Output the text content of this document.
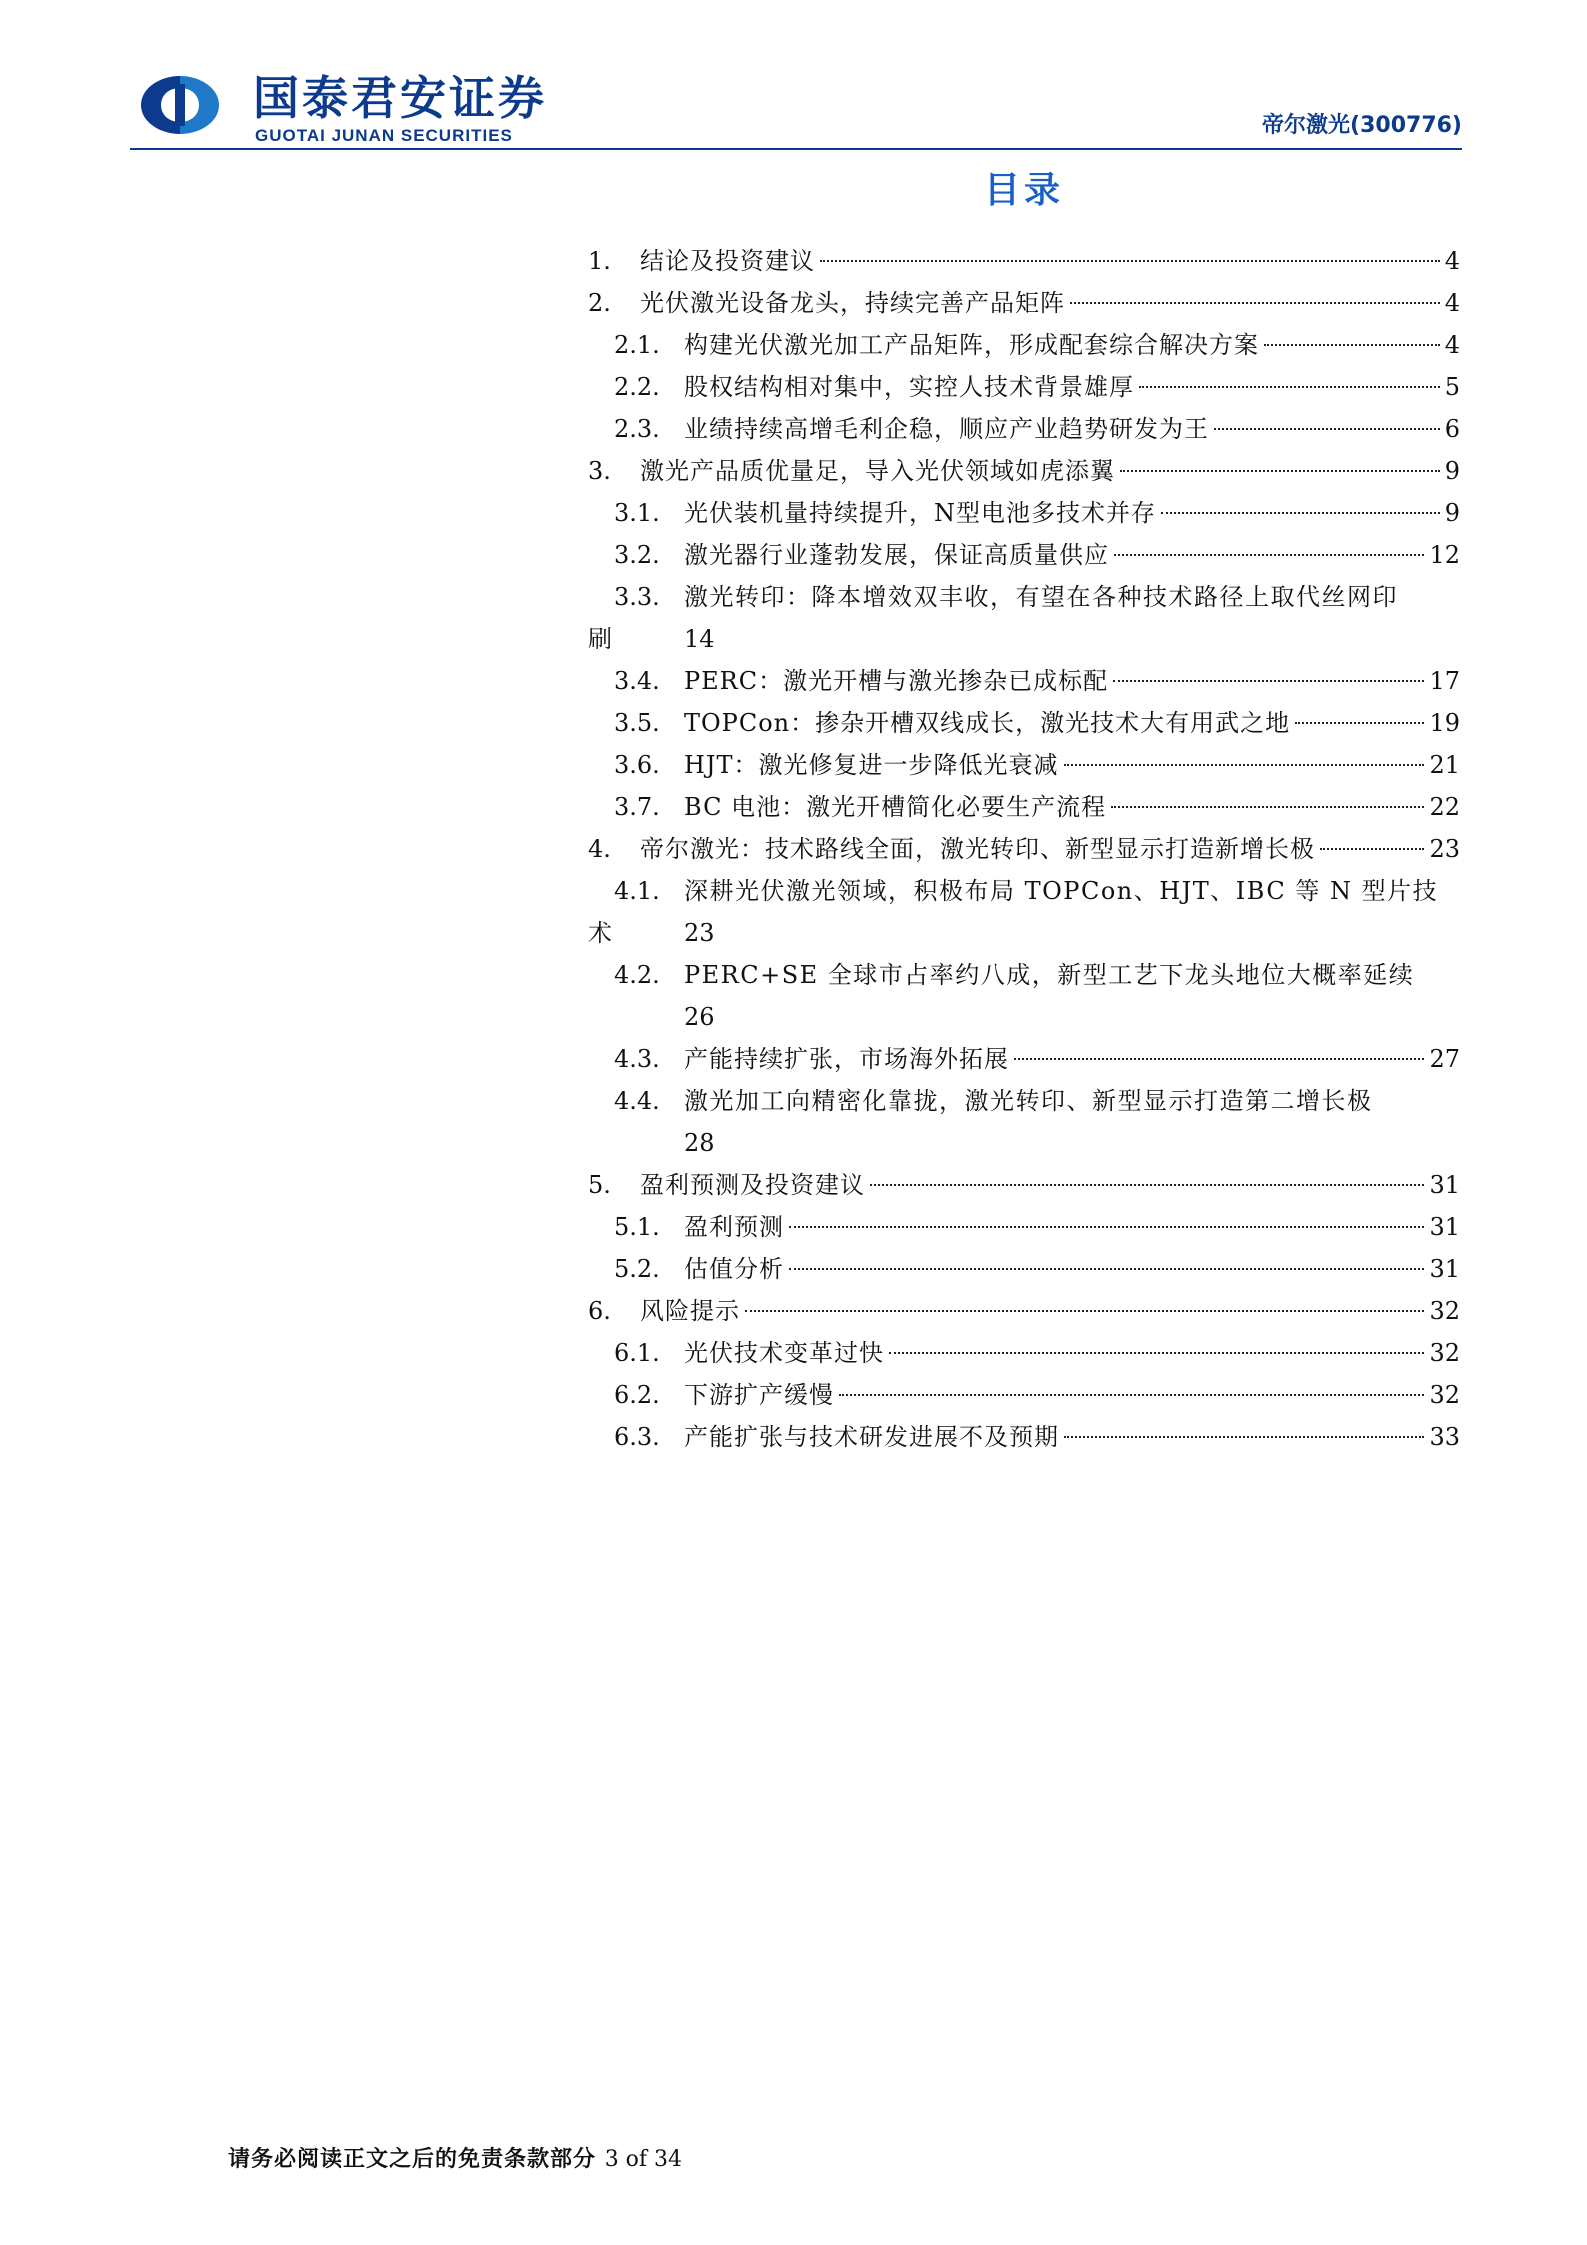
国泰君安证券
GUOTAI JUNAN SECURITIES	帝尔激光(300776)
目录
1.	结论及投资建议	4
2.	光伏激光设备龙头，持续完善产品矩阵	4
2.1.	构建光伏激光加工产品矩阵，形成配套综合解决方案	4
2.2.	股权结构相对集中，实控人技术背景雄厚	5
2.3.	业绩持续高增毛利企稳，顺应产业趋势研发为王	6
3.	激光产品质优量足，导入光伏领域如虎添翼	9
3.1.	光伏装机量持续提升，N型电池多技术并存	9
3.2.	激光器行业蓬勃发展，保证高质量供应	12
3.3.	激光转印：降本增效双丰收，有望在各种技术路径上取代丝网印
刷	14
3.4.	PERC：激光开槽与激光掺杂已成标配	17
3.5.	TOPCon：掺杂开槽双线成长，激光技术大有用武之地	19
3.6.	HJT：激光修复进一步降低光衰减	21
3.7.	BC 电池：激光开槽简化必要生产流程	22
4.	帝尔激光：技术路线全面，激光转印、新型显示打造新增长极	23
4.1.	深耕光伏激光领域，积极布局 TOPCon、HJT、IBC 等 N 型片技
术	23
4.2.	PERC+SE 全球市占率约八成，新型工艺下龙头地位大概率延续
26
4.3.	产能持续扩张，市场海外拓展	27
4.4.	激光加工向精密化靠拢，激光转印、新型显示打造第二增长极
28
5.	盈利预测及投资建议	31
5.1.	盈利预测	31
5.2.	估值分析	31
6.	风险提示	32
6.1.	光伏技术变革过快	32
6.2.	下游扩产缓慢	32
6.3.	产能扩张与技术研发进展不及预期	33
请务必阅读正文之后的免责条款部分 3 of 34
